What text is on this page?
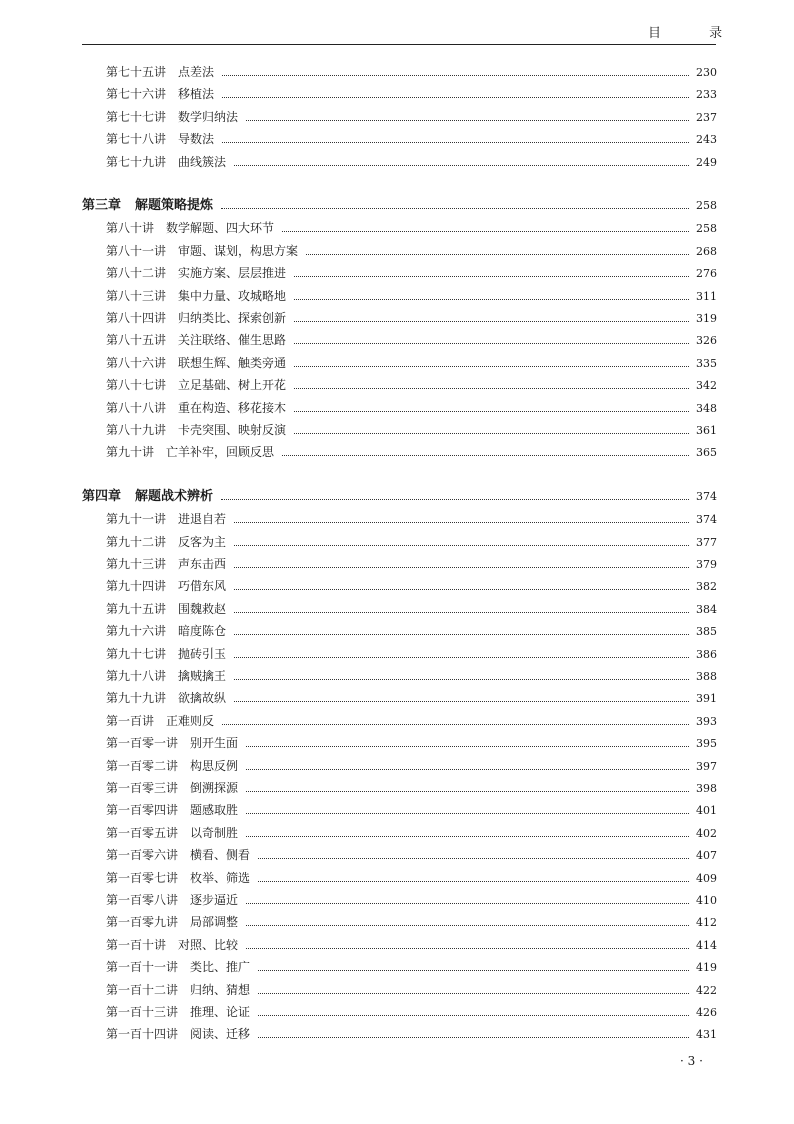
目 录
第七十五讲 点差法	230
第七十六讲 移植法	233
第七十七讲 数学归纳法	237
第七十八讲 导数法	243
第七十九讲 曲线簇法	249
第三章 解题策略提炼	258
第八十讲 数学解题、四大环节	258
第八十一讲 审题、谋划，构思方案	268
第八十二讲 实施方案、层层推进	276
第八十三讲 集中力量、攻城略地	311
第八十四讲 归纳类比、探索创新	319
第八十五讲 关注联络、催生思路	326
第八十六讲 联想生辉、触类旁通	335
第八十七讲 立足基础、树上开花	342
第八十八讲 重在构造、移花接木	348
第八十九讲 卡壳突围、映射反演	361
第九十讲 亡羊补牢，回顾反思	365
第四章 解题战术辨析	374
第九十一讲 进退自若	374
第九十二讲 反客为主	377
第九十三讲 声东击西	379
第九十四讲 巧借东风	382
第九十五讲 围魏救赵	384
第九十六讲 暗度陈仓	385
第九十七讲 抛砖引玉	386
第九十八讲 擒贼擒王	388
第九十九讲 欲擒故纵	391
第一百讲 正难则反	393
第一百零一讲 别开生面	395
第一百零二讲 构思反例	397
第一百零三讲 倒溯探源	398
第一百零四讲 题感取胜	401
第一百零五讲 以奇制胜	402
第一百零六讲 横看、侧看	407
第一百零七讲 枚举、筛选	409
第一百零八讲 逐步逼近	410
第一百零九讲 局部调整	412
第一百十讲 对照、比较	414
第一百十一讲 类比、推广	419
第一百十二讲 归纳、猜想	422
第一百十三讲 推理、论证	426
第一百十四讲 阅读、迁移	431
· 3 ·
